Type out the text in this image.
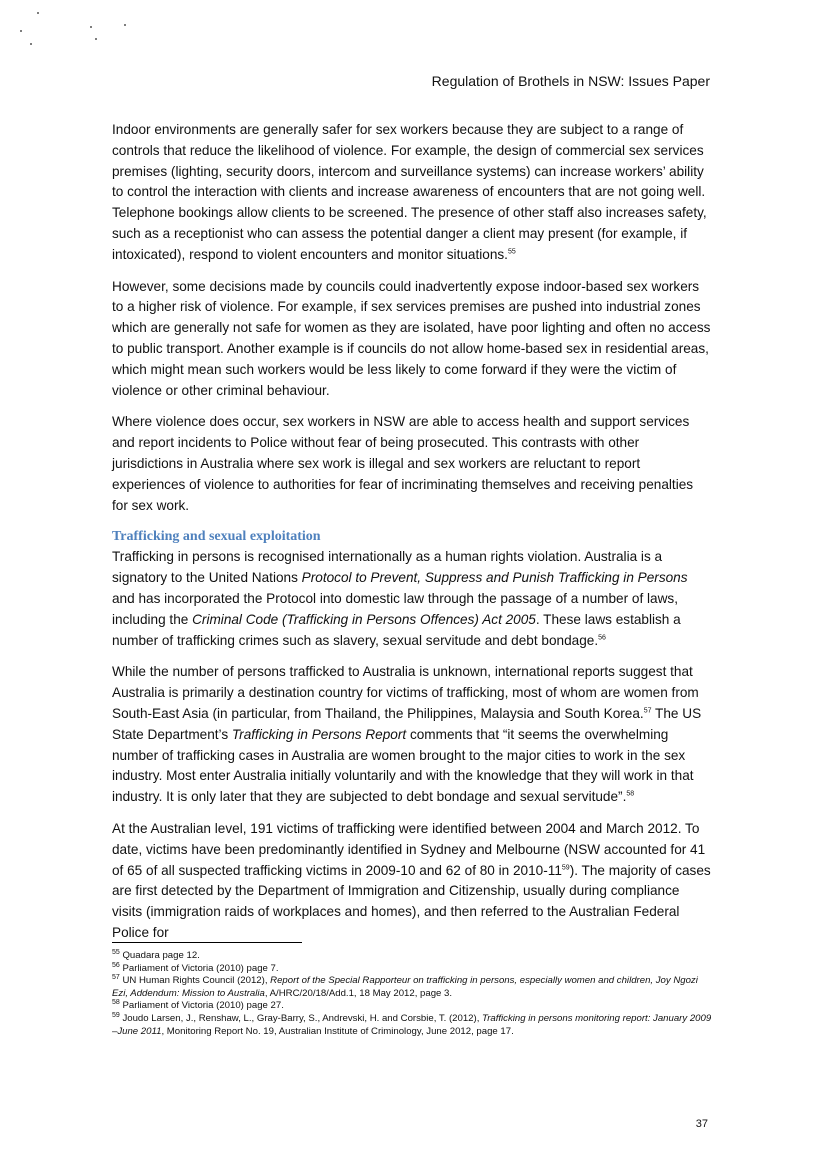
Regulation of Brothels in NSW: Issues Paper

Indoor environments are generally safer for sex workers because they are subject to a range of controls that reduce the likelihood of violence. For example, the design of commercial sex services premises (lighting, security doors, intercom and surveillance systems) can increase workers’ ability to control the interaction with clients and increase awareness of encounters that are not going well. Telephone bookings allow clients to be screened. The presence of other staff also increases safety, such as a receptionist who can assess the potential danger a client may present (for example, if intoxicated), respond to violent encounters and monitor situations.$^{55}$

However, some decisions made by councils could inadvertently expose indoor-based sex workers to a higher risk of violence. For example, if sex services premises are pushed into industrial zones which are generally not safe for women as they are isolated, have poor lighting and often no access to public transport. Another example is if councils do not allow home-based sex in residential areas, which might mean such workers would be less likely to come forward if they were the victim of violence or other criminal behaviour.

Where violence does occur, sex workers in NSW are able to access health and support services and report incidents to Police without fear of being prosecuted. This contrasts with other jurisdictions in Australia where sex work is illegal and sex workers are reluctant to report experiences of violence to authorities for fear of incriminating themselves and receiving penalties for sex work.

Trafficking and sexual exploitation

Trafficking in persons is recognised internationally as a human rights violation. Australia is a signatory to the United Nations Protocol to Prevent, Suppress and Punish Trafficking in Persons and has incorporated the Protocol into domestic law through the passage of a number of laws, including the Criminal Code (Trafficking in Persons Offences) Act 2005. These laws establish a number of trafficking crimes such as slavery, sexual servitude and debt bondage.$^{56}$

While the number of persons trafficked to Australia is unknown, international reports suggest that Australia is primarily a destination country for victims of trafficking, most of whom are women from South-East Asia (in particular, from Thailand, the Philippines, Malaysia and South Korea.$^{57}$ The US State Department’s Trafficking in Persons Report comments that “it seems the overwhelming number of trafficking cases in Australia are women brought to the major cities to work in the sex industry. Most enter Australia initially voluntarily and with the knowledge that they will work in that industry. It is only later that they are subjected to debt bondage and sexual servitude”.$^{58}$

At the Australian level, 191 victims of trafficking were identified between 2004 and March 2012. To date, victims have been predominantly identified in Sydney and Melbourne (NSW accounted for 41 of 65 of all suspected trafficking victims in 2009-10 and 62 of 80 in $2010-11^{59}$). The majority of cases are first detected by the Department of Immigration and Citizenship, usually during compliance visits (immigration raids of workplaces and homes), and then referred to the Australian Federal Police for

$^{55}$ Quadara page 12.
$^{56}$ Parliament of Victoria (2010) page 7.
$^{57}$ UN Human Rights Council (2012), Report of the Special Rapporteur on trafficking in persons, especially women and children, Joy Ngozi Ezi, Addendum: Mission to Australia, A/HRC/20/18/Add.1, 18 May 2012, page 3.
$^{58}$ Parliament of Victoria (2010) page 27.
$^{59}$ Joudo Larsen, J., Renshaw, L., Gray-Barry, S., Andrevski, H. and Corsbie, T. (2012), Trafficking in persons monitoring report: January 2009 –June 2011, Monitoring Report No. 19, Australian Institute of Criminology, June 2012, page 17.
37
